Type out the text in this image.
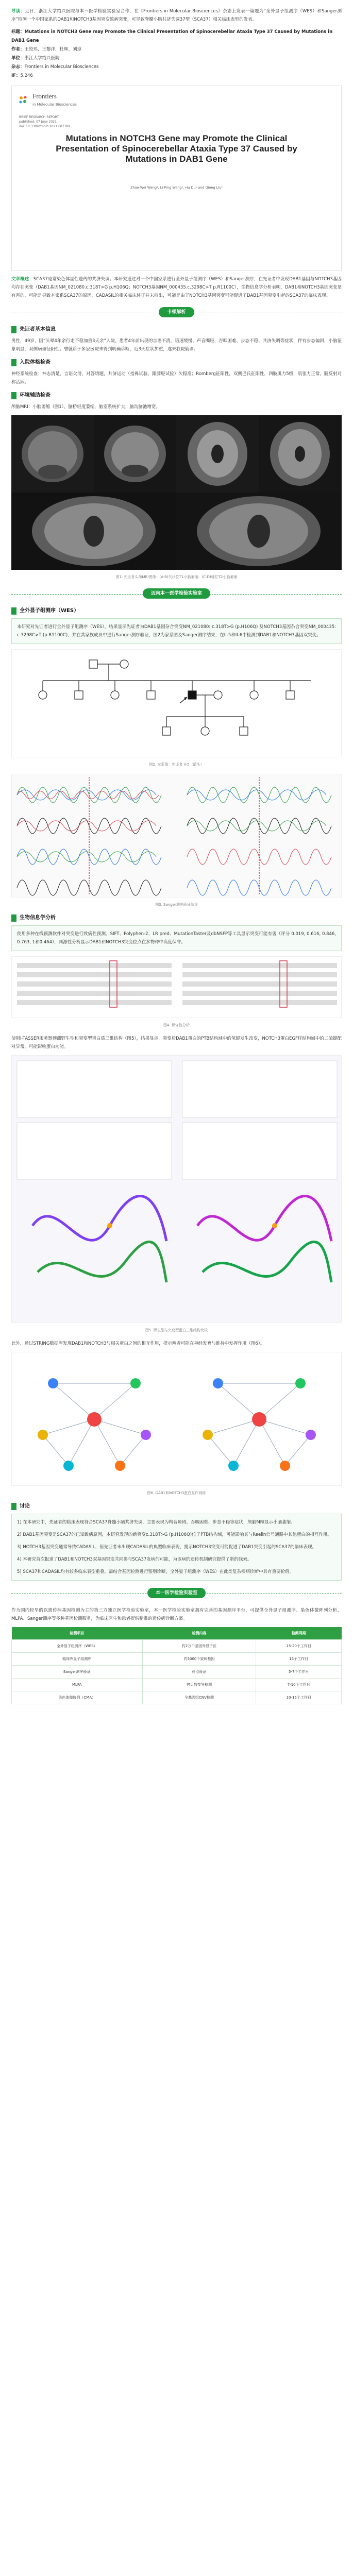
导读：近日，浙江大学绍兴医院与本一医学检验实验室合作，在《Frontiers in Molecular Biosciences》杂志上发表一篇题为“全外显子组测序（WES）和Sanger测序”检测一个中国家系的DAB1和NOTCH3基因突变致病突变，可导致脊髓小脑共济失调37型（SCA37）相关临床表型的发表。

标题：Mutations in NOTCH3 Gene may Promote the Clinical Presentation of Spinocerebellar Ataxia Type 37 Caused by Mutations in DAB1 Gene
作者：王皎玮，王黎洋，杜辉，刘琼
单位：浙江大学绍兴医院
杂志：Frontiers in Molecular Biosciences
IF：5.246
Frontiers
in Molecular Biosciences
BRIEF RESEARCH REPORT
published: 07 June 2021
doi: 10.3389/fmolb.2021.607789
Mutations in NOTCH3 Gene may Promote the Clinical Presentation of Spinocerebellar Ataxia Type 37 Caused by Mutations in DAB1 Gene
Zhao-Wei Wang¹, Li-Ping Wang¹, Hu Du¹ and Qiong Liu²

文章概述：SCA37是常染色体显性遗传的共济失调。本研究通过对一个中国家系进行全外显子组测序（WES）和Sanger测序，在先证者中发现DAB1基因与NOTCH3基因均存在突变（DAB1基因NM_021080.c.318T>G p.H106Q；NOTCH3基因NM_000435.c.3298C>T p.R1100C），生物信息学分析表明，DAB1和NOTCH3基因突变是有害的，可能是导致本家系SCA37的原因，CADASIL的相关临床体征并未检出，可能是由于NOTCH3基因突变可能促进了DAB1基因突变引起的SCA37的临床表现。

卡顿解析
先证者基本信息

男性，49岁，因“头晕4年余行走不稳加重3天余”入院。患者4年前出现的言语不清，语速缓慢、声音嘶哑、吞咽困难、步态不稳、共济失调等症状，伴有步态偏斜，小脑征象明显，双侧病理征阳性。曾就诊于多家医院未得到明确诊断，近3天症状加重，遂来我院就诊。

入院体格检查

神经系统检查：神志清楚，言语欠清，对答切题，共济运动（指鼻试验、跟膝胫试验）欠稳准；Romberg征阳性，双侧巴氏征阳性，四肢肌力5级，肌张力正常，腱反射对称活跃。

环境辅助检查

颅脑MRI：小脑萎缩（图1），脑桥轻度萎缩，脑室系统扩大，脑沟脑池增宽。

图1. 先证者头颅MRI图像：(A-B)矢状位T1小脑萎缩；(C-D)轴位T2小脑萎缩
迈向本一医学检验实验室
全外显子组测序（WES）

本研究对先证者进行全外显子组测序（WES），结果显示先证者为DAB1基因杂合突变NM_021080: c.318T>G (p.H106Q) 及NOTCH3基因杂合突变NM_000435: c.3298C>T (p.R1100C)，并在其家族成员中进行Sanger测序验证，图2为家系图及Sanger测序结果，在II-5和II-6中检测到DAB1和NOTCH3基因双突变。

图2. 家系图：先证者 II-5（箭头）
图3. Sanger测序验证结果
生物信息学分析

使用多种在线预测软件对突变进行致病性预测。SIFT、Polyphen-2、LR pred、MutationTaster及dbNSFP等工具显示突变可能有害（评分 0.019, 0.616, 0.846, 0.763, 1和0.464），同源性分析显示DAB1和NOTCH3突变位点在多物种中高度保守。

图4. 保守性分析

使用I-TASSER服务器预测野生型和突变型蛋白质三维结构（图5），结果显示，突变后DAB1蛋白的PTB结构域中的氢键发生改变，NOTCH3蛋白EGF样结构域中的二硫键配对异常，可能影响蛋白功能。

图5. 野生型与突变型蛋白三维结构比较

此外，通过STRING数据库发现DAB1和NOTCH3与相关蛋白之间的相互作用，提示两者可能在神经发育与维持中发挥作用（图6）。

图6. DAB1和NOTCH3蛋白互作网络
讨论

1) 在本研究中，先证者的临床表现符合SCA37脊髓小脑共济失调，主要表现为构音障碍、吞咽困难、步态不稳等症状，颅脑MRI显示小脑萎缩。

2) DAB1基因突变是SCA37的已知致病原因，本研究发现的新突变c.318T>G (p.H106Q)位于PTB结构域，可能影响其与Reelin信号通路中其他蛋白的相互作用。

3) NOTCH3基因突变通常导致CADASIL，但先证者未出现CADASIL的典型临床表现，提示NOTCH3突变可能促进了DAB1突变引起的SCA37的临床表现。

4) 本研究首次报道了DAB1和NOTCH3双基因突变共同参与SCA37发病的可能，为该病的遗传机制研究提供了新的线索。

5) SCA37和CADASIL均有较多临床表型重叠，需结合基因检测进行鉴别诊断，全外显子组测序（WES）在此类复杂疾病诊断中具有重要价值。

本一医学检验实验室

作为国内较早的以遗传病基因检测为主的第三方独立医学检验实验室，本一医学检验实验室拥有完善的基因测序平台，可提供全外显子组测序、染色体微阵列分析、MLPA、Sanger测序等多种基因检测服务，为临床医生和患者提供精准的遗传病诊断方案。

检测项目	检测内容	检测周期
全外显子组测序（WES）	约2万个基因外显子区	15-20个工作日
临床外显子组测序	约5000个致病基因	15个工作日
Sanger测序验证	位点验证	5-7个工作日
MLPA	拷贝数变异检测	7-10个工作日
染色体微阵列（CMA）	全基因组CNV检测	10-15个工作日
